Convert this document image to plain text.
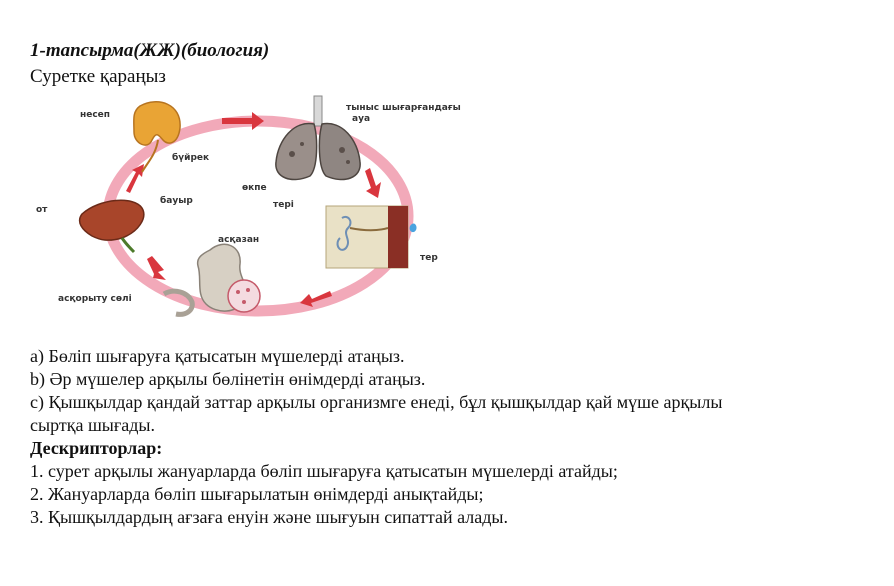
1-тапсырма(ЖЖ)(биология)
Суретке қараңыз
несеп
бүйрек
тыныс шығарғандағы
ауа
өкпе
от
бауыр	тері
асқазан
тер
асқорыту сөлі
a) Бөліп шығаруға қатысатын мүшелерді атаңыз.
b) Әр мүшелер арқылы бөлінетін өнімдерді атаңыз.
c) Қышқылдар қандай заттар арқылы организмге енеді, бұл қышқылдар қай мүше арқылы
сыртқа шығады.
Дескрипторлар:
1. сурет арқылы жануарларда бөліп шығаруға қатысатын мүшелерді атайды;
2. Жануарларда бөліп шығарылатын өнімдерді анықтайды;
3. Қышқылдардың ағзаға енуін және шығуын сипаттай алады.
